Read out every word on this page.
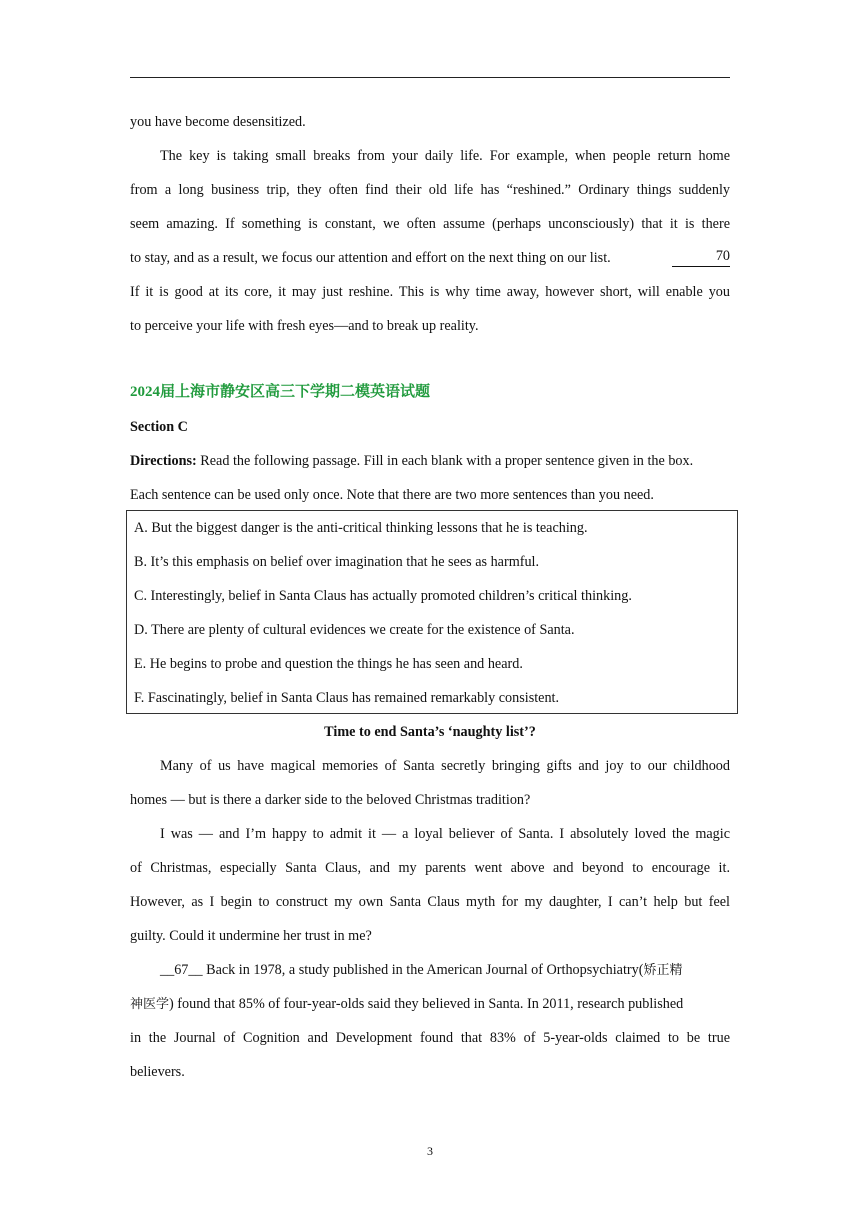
you have become desensitized.
The key is taking small breaks from your daily life. For example, when people return home
from a long business trip, they often find their old life has “reshined.” Ordinary things suddenly
seem amazing. If something is constant, we often assume (perhaps unconsciously) that it is there
to stay, and as a result, we focus our attention and effort on the next thing on our list.	70
If it is good at its core, it may just reshine. This is why time away, however short, will enable you
to perceive your life with fresh eyes—and to break up reality.
2024届上海市静安区高三下学期二模英语试题
Section C
Directions: Read the following passage. Fill in each blank with a proper sentence given in the box.
Each sentence can be used only once. Note that there are two more sentences than you need.
A. But the biggest danger is the anti-critical thinking lessons that he is teaching.
B. It’s this emphasis on belief over imagination that he sees as harmful.
C. Interestingly, belief in Santa Claus has actually promoted children’s critical thinking.
D. There are plenty of cultural evidences we create for the existence of Santa.
E. He begins to probe and question the things he has seen and heard.
F. Fascinatingly, belief in Santa Claus has remained remarkably consistent.
Time to end Santa’s ‘naughty list’?
Many of us have magical memories of Santa secretly bringing gifts and joy to our childhood
homes — but is there a darker side to the beloved Christmas tradition?
I was — and I’m happy to admit it — a loyal believer of Santa. I absolutely loved the magic
of Christmas, especially Santa Claus, and my parents went above and beyond to encourage it.
However, as I begin to construct my own Santa Claus myth for my daughter, I can’t help but feel
guilty. Could it undermine her trust in me?
__67__ Back in 1978, a study published in the American Journal of Orthopsychiatry(矫正精
神医学) found that 85% of four-year-olds said they believed in Santa. In 2011, research published
in the Journal of Cognition and Development found that 83% of 5-year-olds claimed to be true
believers.
3
